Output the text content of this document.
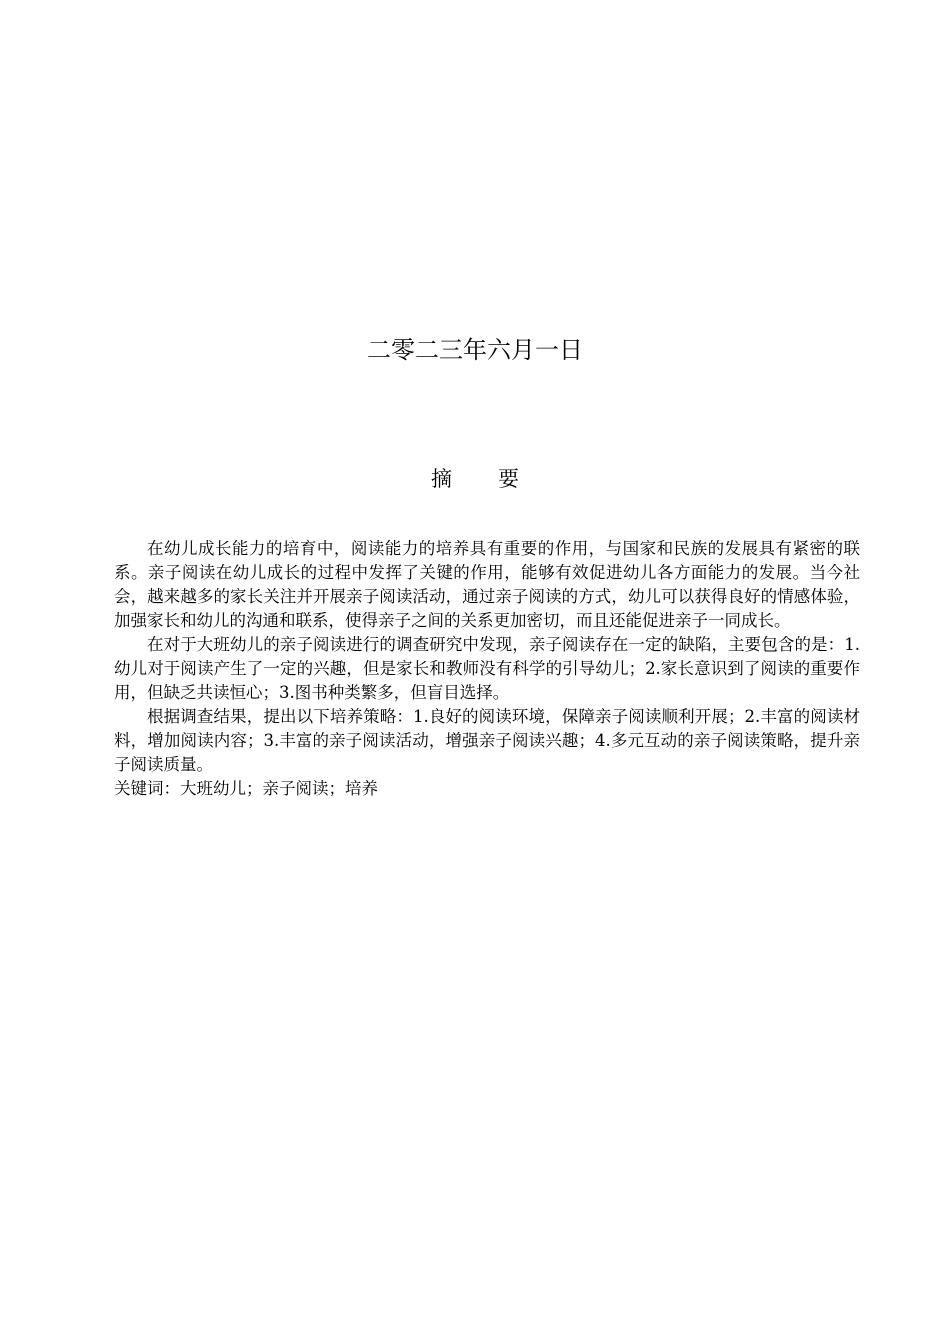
二零二三年六月一日
摘 要

在幼儿成长能力的培育中，阅读能力的培养具有重要的作用，与国家和民族的发展具有紧密的联系。亲子阅读在幼儿成长的过程中发挥了关键的作用，能够有效促进幼儿各方面能力的发展。当今社会，越来越多的家长关注并开展亲子阅读活动，通过亲子阅读的方式，幼儿可以获得良好的情感体验，加强家长和幼儿的沟通和联系，使得亲子之间的关系更加密切，而且还能促进亲子一同成长。

在对于大班幼儿的亲子阅读进行的调查研究中发现，亲子阅读存在一定的缺陷，主要包含的是：1.幼儿对于阅读产生了一定的兴趣，但是家长和教师没有科学的引导幼儿；2.家长意识到了阅读的重要作用，但缺乏共读恒心；3.图书种类繁多，但盲目选择。

根据调查结果，提出以下培养策略：1.良好的阅读环境，保障亲子阅读顺利开展；2.丰富的阅读材料，增加阅读内容；3.丰富的亲子阅读活动，增强亲子阅读兴趣；4.多元互动的亲子阅读策略，提升亲子阅读质量。

关键词：大班幼儿；亲子阅读；培养
